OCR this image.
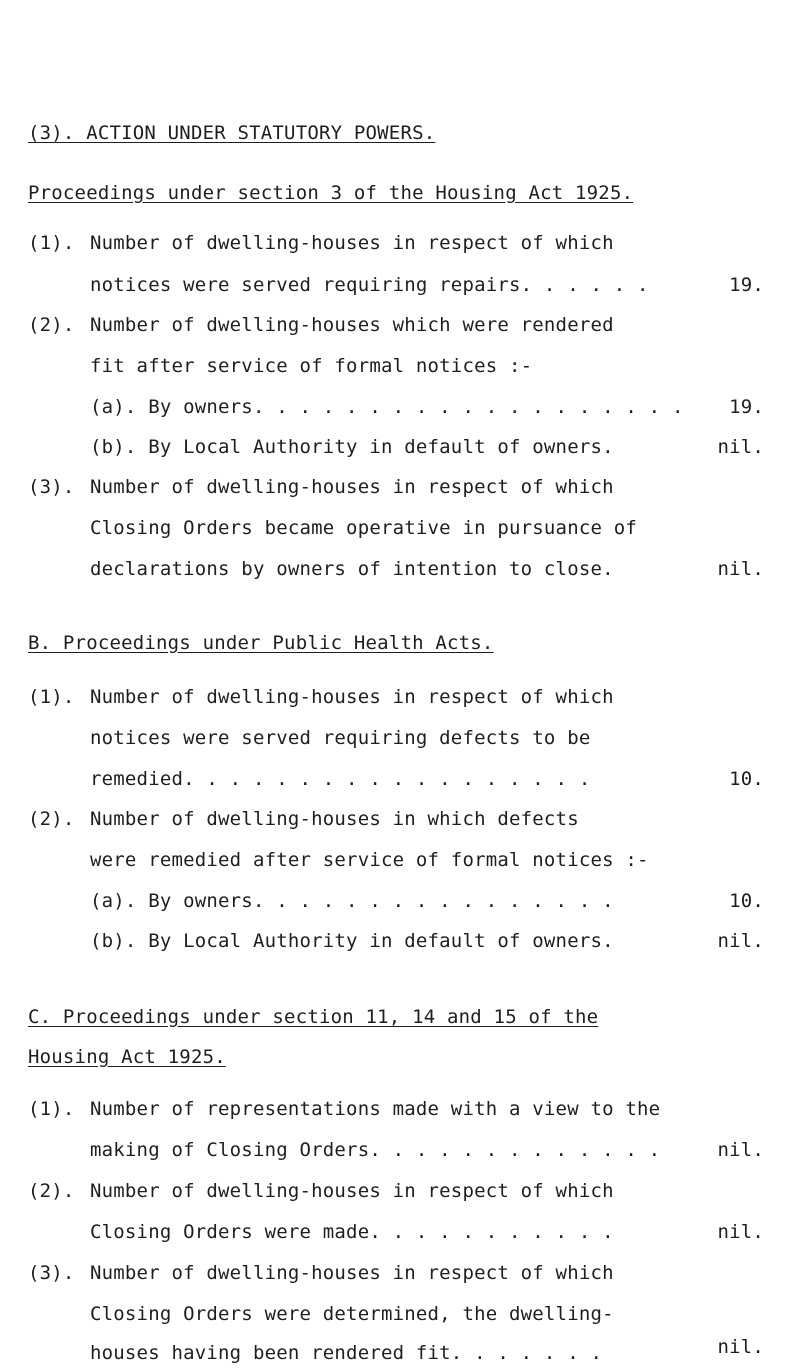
(3). ACTION UNDER STATUTORY POWERS.
Proceedings under section 3 of the Housing Act 1925.
(1). Number of dwelling-houses in respect of which
notices were served requiring repairs. . . . . .	19.
(2). Number of dwelling-houses which were rendered
fit after service of formal notices :-
(a). By owners. . . . . . . . . . . . . . . . . . . 19.
(b). By Local Authority in default of owners.	nil.
(3). Number of dwelling-houses in respect of which
Closing Orders became operative in pursuance of
declarations by owners of intention to close.	nil.
B. Proceedings under Public Health Acts.
(1). Number of dwelling-houses in respect of which
notices were served requiring defects to be
remedied. . . . . . . . . . . . . . . . . .	10.
(2). Number of dwelling-houses in which defects
were remedied after service of formal notices :-
(a). By owners. . . . . . . . . . . . . . . .	10.
(b). By Local Authority in default of owners.	nil.
C. Proceedings under section 11, 14 and 15 of the
Housing Act 1925.
(1). Number of representations made with a view to the
making of Closing Orders. . . . . . . . . . . . .	nil.
(2). Number of dwelling-houses in respect of which
Closing Orders were made. . . . . . . . . . .	nil.
(3). Number of dwelling-houses in respect of which
Closing Orders were determined, the dwelling-
houses having been rendered fit. . . . . . .	nil.
